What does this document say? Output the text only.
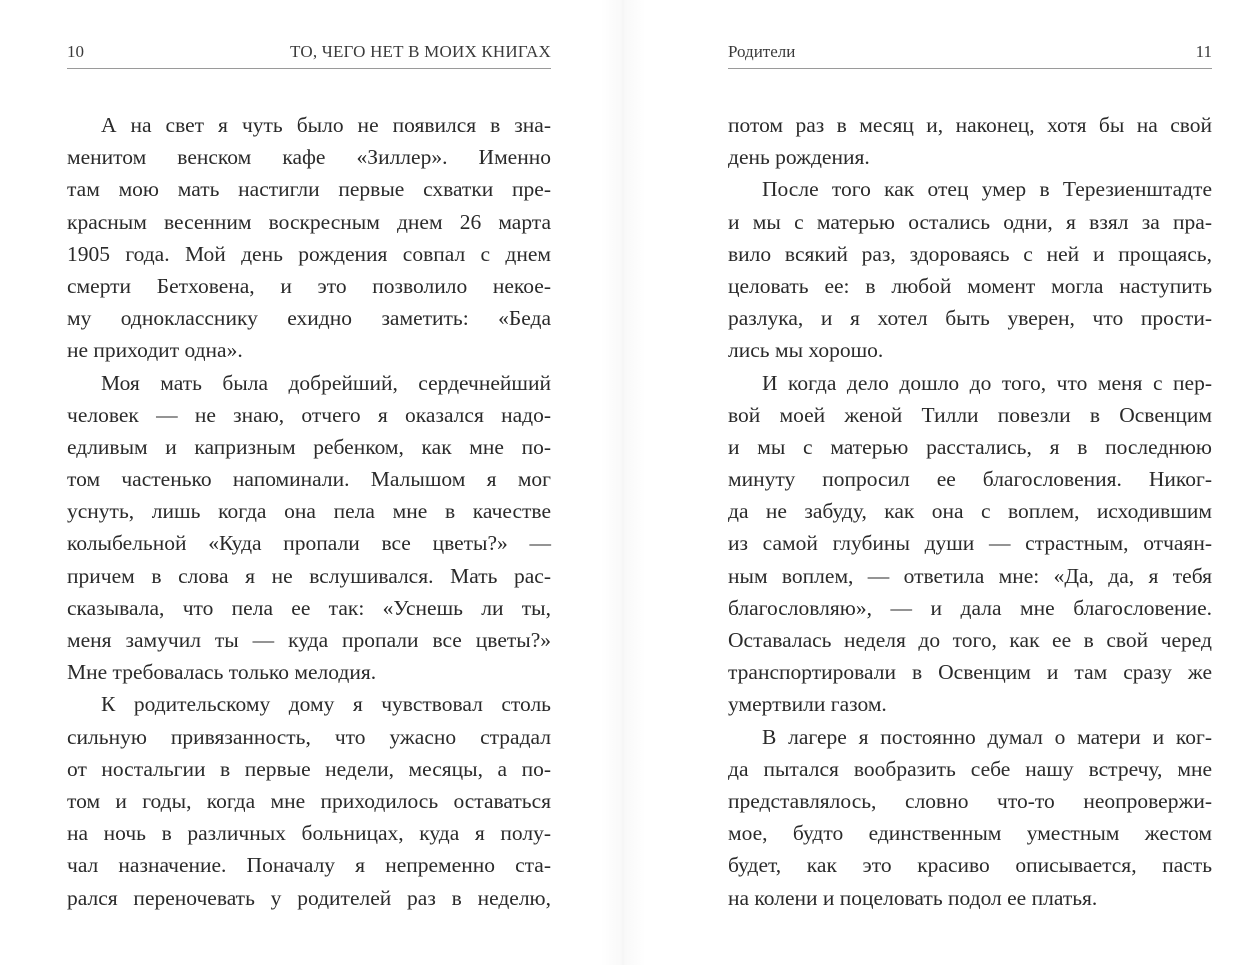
10	ТО, ЧЕГО НЕТ В МОИХ КНИГАХ
А на свет я чуть было не появился в зна-
менитом венском кафе «Зиллер». Именно
там мою мать настигли первые схватки пре-
красным весенним воскресным днем 26 марта
1905 года. Мой день рождения совпал с днем
смерти Бетховена, и это позволило некое-
му однокласснику ехидно заметить: «Беда
не приходит одна».
Моя мать была добрейший, сердечнейший
человек — не знаю, отчего я оказался надо-
едливым и капризным ребенком, как мне по-
том частенько напоминали. Малышом я мог
уснуть, лишь когда она пела мне в качестве
колыбельной «Куда пропали все цветы?» —
причем в слова я не вслушивался. Мать рас-
сказывала, что пела ее так: «Уснешь ли ты,
меня замучил ты — куда пропали все цветы?»
Мне требовалась только мелодия.
К родительскому дому я чувствовал столь
сильную привязанность, что ужасно страдал
от ностальгии в первые недели, месяцы, а по-
том и годы, когда мне приходилось оставаться
на ночь в различных больницах, куда я полу-
чал назначение. Поначалу я непременно ста-
рался переночевать у родителей раз в неделю,
Родители	11
потом раз в месяц и, наконец, хотя бы на свой
день рождения.
После того как отец умер в Терезиенштадте
и мы с матерью остались одни, я взял за пра-
вило всякий раз, здороваясь с ней и прощаясь,
целовать ее: в любой момент могла наступить
разлука, и я хотел быть уверен, что прости-
лись мы хорошо.
И когда дело дошло до того, что меня с пер-
вой моей женой Тилли повезли в Освенцим
и мы с матерью расстались, я в последнюю
минуту попросил ее благословения. Никог-
да не забуду, как она с воплем, исходившим
из самой глубины души — страстным, отчаян-
ным воплем, — ответила мне: «Да, да, я тебя
благословляю», — и дала мне благословение.
Оставалась неделя до того, как ее в свой черед
транспортировали в Освенцим и там сразу же
умертвили газом.
В лагере я постоянно думал о матери и ког-
да пытался вообразить себе нашу встречу, мне
представлялось, словно что-то неопровержи-
мое, будто единственным уместным жестом
будет, как это красиво описывается, пасть
на колени и поцеловать подол ее платья.
